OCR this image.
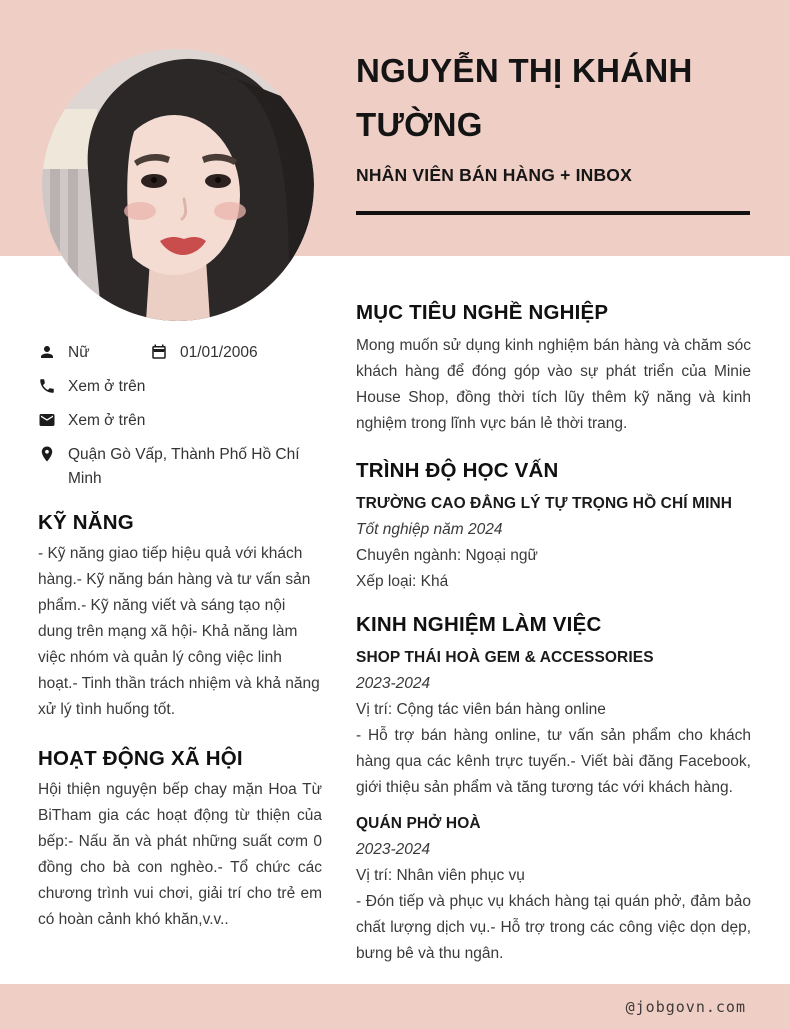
NGUYỄN THỊ KHÁNH TƯỜNG
NHÂN VIÊN BÁN HÀNG + INBOX
Nữ	01/01/2006
Xem ở trên
Xem ở trên
Quận Gò Vấp, Thành Phố Hồ Chí Minh
KỸ NĂNG
- Kỹ năng giao tiếp hiệu quả với khách hàng.- Kỹ năng bán hàng và tư vấn sản phẩm.- Kỹ năng viết và sáng tạo nội dung trên mạng xã hội- Khả năng làm việc nhóm và quản lý công việc linh hoạt.- Tinh thần trách nhiệm và khả năng xử lý tình huống tốt.
HOẠT ĐỘNG XÃ HỘI
Hội thiện nguyện bếp chay mặn Hoa Từ BiTham gia các hoạt động từ thiện của bếp:- Nấu ăn và phát những suất cơm 0 đồng cho bà con nghèo.- Tổ chức các chương trình vui chơi, giải trí cho trẻ em có hoàn cảnh khó khăn,v.v..
MỤC TIÊU NGHỀ NGHIỆP
Mong muốn sử dụng kinh nghiệm bán hàng và chăm sóc khách hàng để đóng góp vào sự phát triển của Minie House Shop, đồng thời tích lũy thêm kỹ năng và kinh nghiệm trong lĩnh vực bán lẻ thời trang.
TRÌNH ĐỘ HỌC VẤN
TRƯỜNG CAO ĐẲNG LÝ TỰ TRỌNG HỒ CHÍ MINH
Tốt nghiệp năm 2024
Chuyên ngành: Ngoại ngữ
Xếp loại: Khá
KINH NGHIỆM LÀM VIỆC
SHOP THÁI HOÀ GEM & ACCESSORIES
2023-2024
Vị trí: Cộng tác viên bán hàng online
- Hỗ trợ bán hàng online, tư vấn sản phẩm cho khách hàng qua các kênh trực tuyến.- Viết bài đăng Facebook, giới thiệu sản phẩm và tăng tương tác với khách hàng.
QUÁN PHỞ HOÀ
2023-2024
Vị trí: Nhân viên phục vụ
- Đón tiếp và phục vụ khách hàng tại quán phở, đảm bảo chất lượng dịch vụ.- Hỗ trợ trong các công việc dọn dẹp, bưng bê và thu ngân.
@jobgovn.com
